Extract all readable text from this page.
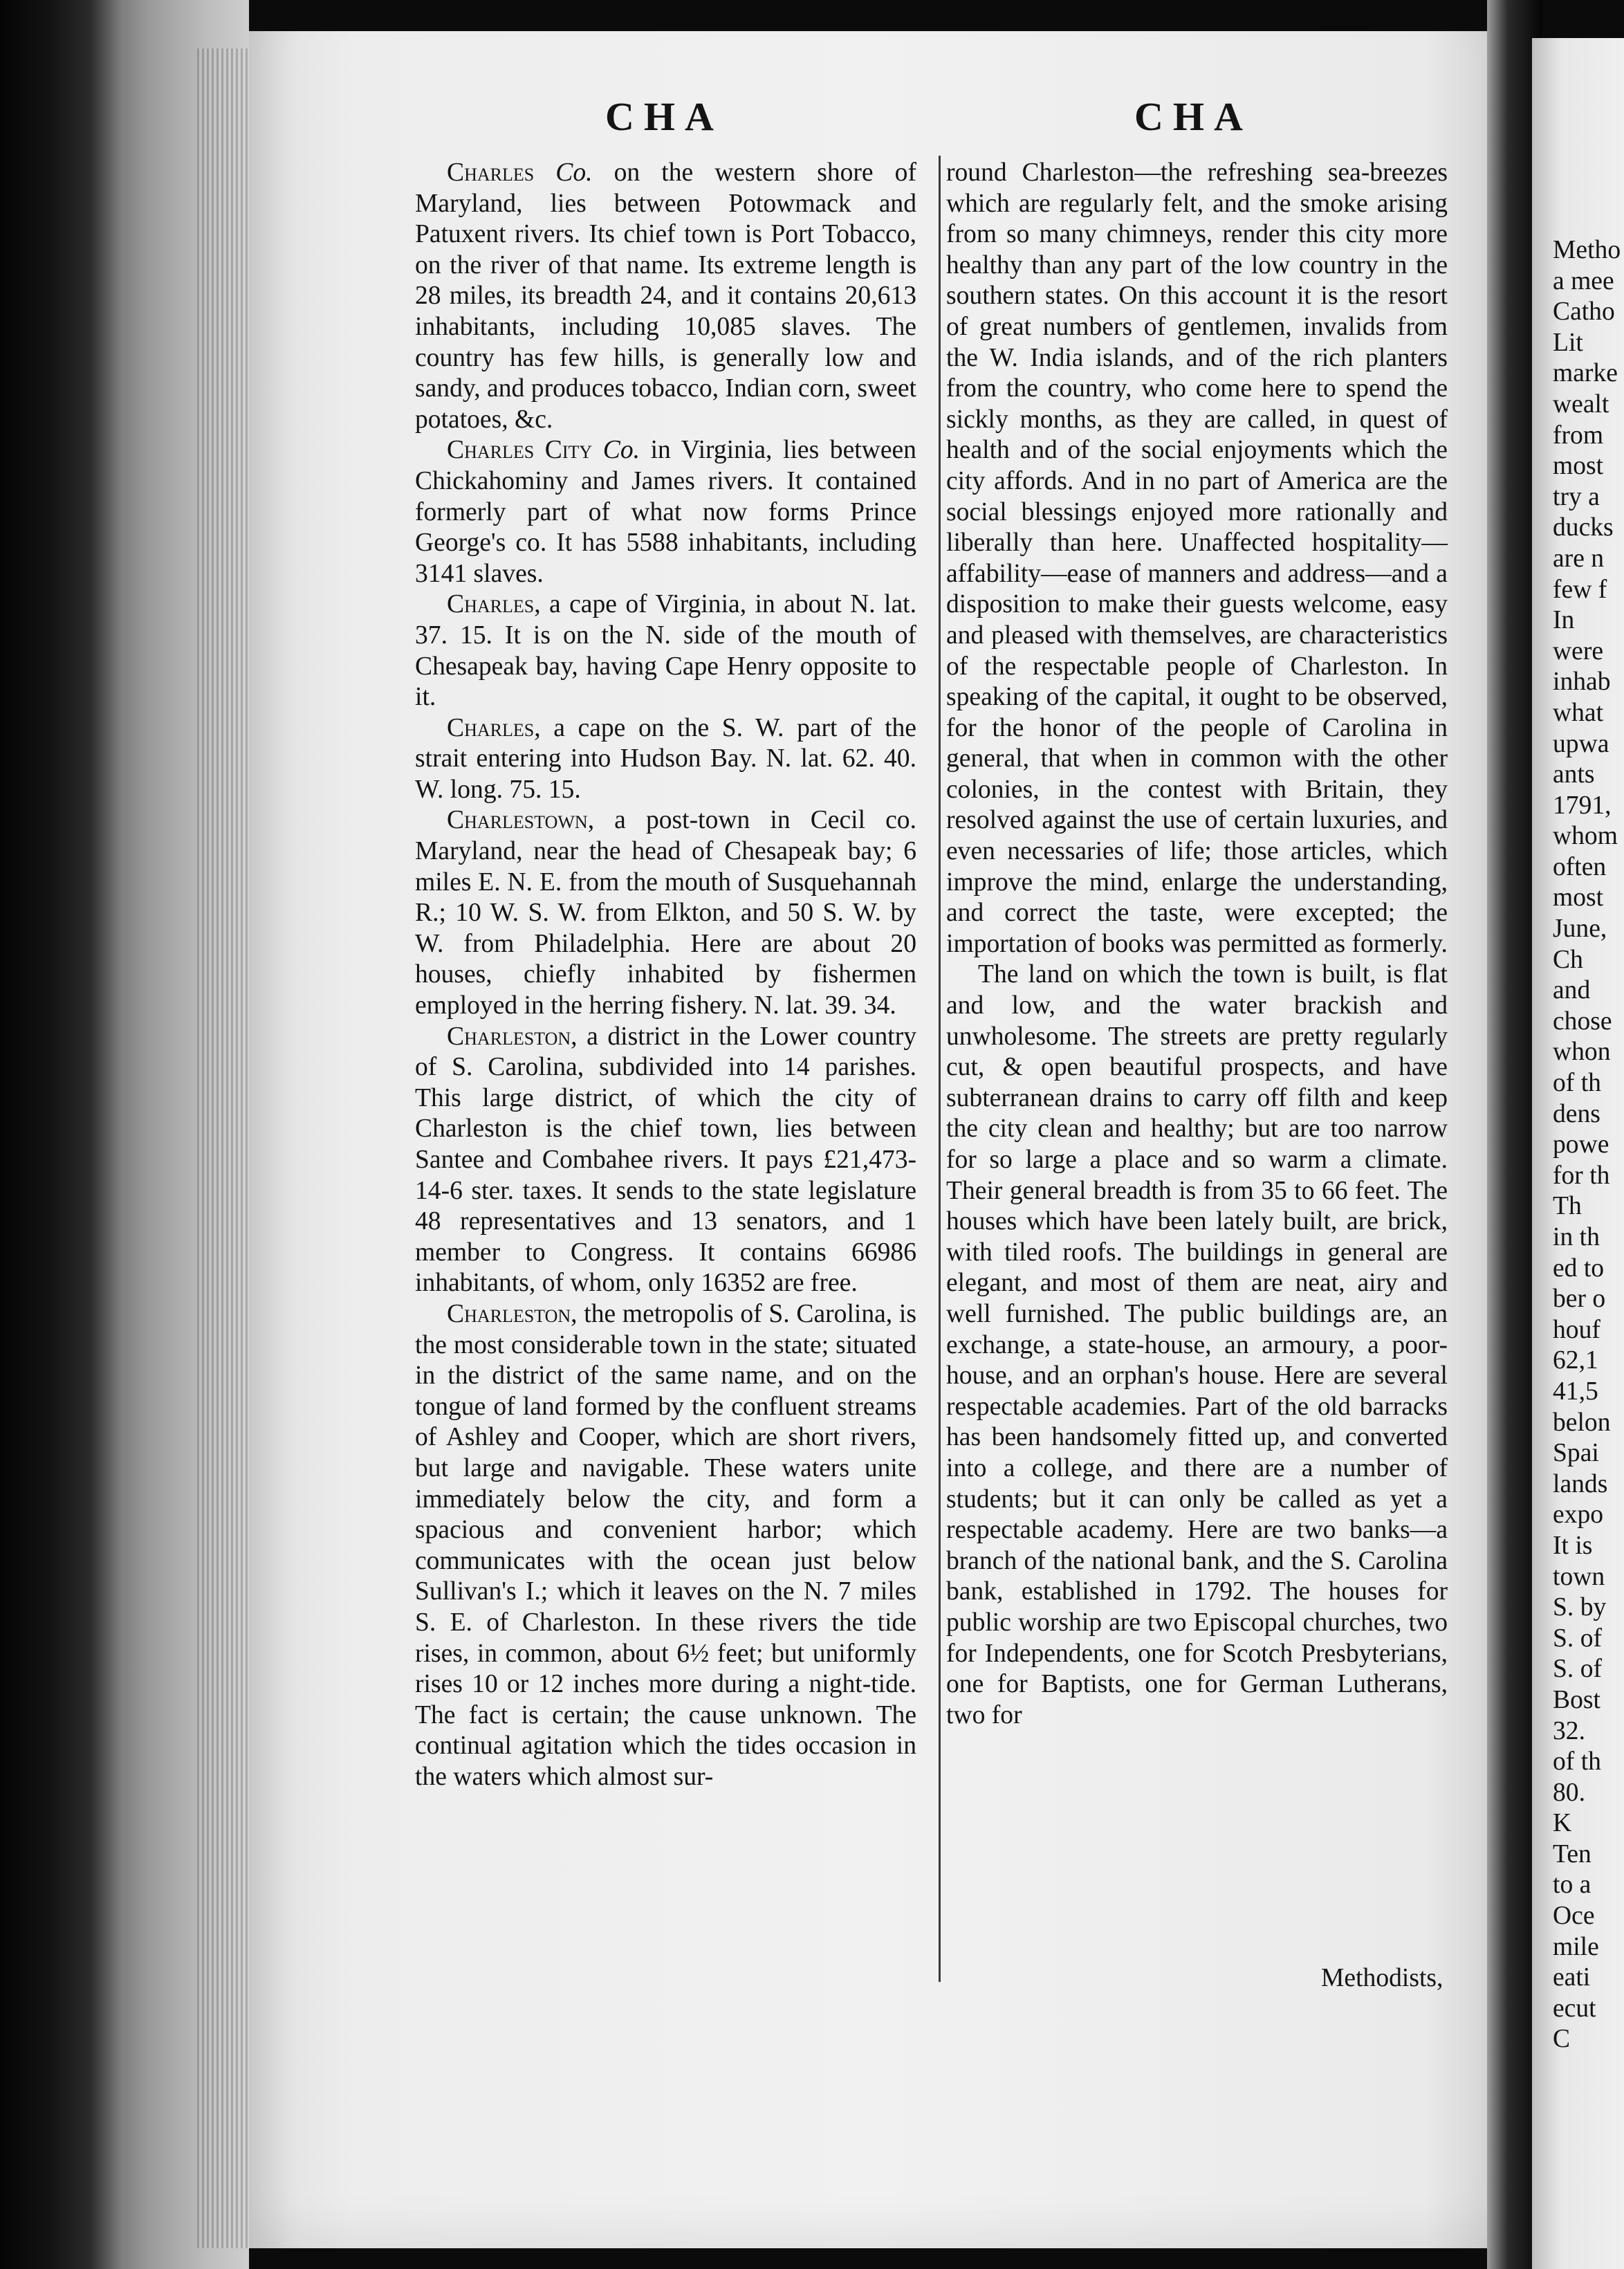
CHA	CHA

Charles Co. on the western shore of Maryland, lies between Potowmack and Patuxent rivers. Its chief town is Port Tobacco, on the river of that name. Its extreme length is 28 miles, its breadth 24, and it contains 20,613 inhabitants, including 10,085 slaves. The country has few hills, is generally low and sandy, and produces tobacco, Indian corn, sweet potatoes, &c.

Charles City Co. in Virginia, lies between Chickahominy and James rivers. It contained formerly part of what now forms Prince George's co. It has 5588 inhabitants, including 3141 slaves.

Charles, a cape of Virginia, in about N. lat. 37. 15. It is on the N. side of the mouth of Chesapeak bay, having Cape Henry opposite to it.

Charles, a cape on the S. W. part of the strait entering into Hudson Bay. N. lat. 62. 40. W. long. 75. 15.

Charlestown, a post-town in Cecil co. Maryland, near the head of Chesapeak bay; 6 miles E. N. E. from the mouth of Susquehannah R.; 10 W. S. W. from Elkton, and 50 S. W. by W. from Philadelphia. Here are about 20 houses, chiefly inhabited by fishermen employed in the herring fishery. N. lat. 39. 34.

Charleston, a district in the Lower country of S. Carolina, subdivided into 14 parishes. This large district, of which the city of Charleston is the chief town, lies between Santee and Combahee rivers. It pays £21,473-14-6 ster. taxes. It sends to the state legislature 48 representatives and 13 senators, and 1 member to Congress. It contains 66986 inhabitants, of whom, only 16352 are free.

Charleston, the metropolis of S. Carolina, is the most considerable town in the state; situated in the district of the same name, and on the tongue of land formed by the confluent streams of Ashley and Cooper, which are short rivers, but large and navigable. These waters unite immediately below the city, and form a spacious and convenient harbor; which communicates with the ocean just below Sullivan's I.; which it leaves on the N. 7 miles S. E. of Charleston. In these rivers the tide rises, in common, about 6½ feet; but uniformly rises 10 or 12 inches more during a night-tide. The fact is certain; the cause unknown. The continual agitation which the tides occasion in the waters which almost sur-

round Charleston—the refreshing sea-breezes which are regularly felt, and the smoke arising from so many chimneys, render this city more healthy than any part of the low country in the southern states. On this account it is the resort of great numbers of gentlemen, invalids from the W. India islands, and of the rich planters from the country, who come here to spend the sickly months, as they are called, in quest of health and of the social enjoyments which the city affords. And in no part of America are the social blessings enjoyed more rationally and liberally than here. Unaffected hospitality—affability—ease of manners and address—and a disposition to make their guests welcome, easy and pleased with themselves, are characteristics of the respectable people of Charleston. In speaking of the capital, it ought to be observed, for the honor of the people of Carolina in general, that when in common with the other colonies, in the contest with Britain, they resolved against the use of certain luxuries, and even necessaries of life; those articles, which improve the mind, enlarge the understanding, and correct the taste, were excepted; the importation of books was permitted as formerly.

The land on which the town is built, is flat and low, and the water brackish and unwholesome. The streets are pretty regularly cut, & open beautiful prospects, and have subterranean drains to carry off filth and keep the city clean and healthy; but are too narrow for so large a place and so warm a climate. Their general breadth is from 35 to 66 feet. The houses which have been lately built, are brick, with tiled roofs. The buildings in general are elegant, and most of them are neat, airy and well furnished. The public buildings are, an exchange, a state-house, an armoury, a poor-house, and an orphan's house. Here are several respectable academies. Part of the old barracks has been handsomely fitted up, and converted into a college, and there are a number of students; but it can only be called as yet a respectable academy. Here are two banks—a branch of the national bank, and the S. Carolina bank, established in 1792. The houses for public worship are two Episcopal churches, two for Independents, one for Scotch Presbyterians, one for Baptists, one for German Lutherans, two for

Methodists,
Metho
a mee
Catho
Lit
marke
wealt
from
most
try a
ducks
are n
few f
In
were
inhab
what
upwa
ants
1791,
whom
often
most
June,
Ch
and
chose
whon
of th
dens
powe
for th
Th
in th
ed to
ber o
houf
62,1
41,5
belon
Spai
lands
expo
It is
town
S. by
S. of
S. of
Bost
32.
of th
80.
K
Ten
to a
Oce
mile
eati
ecut
C
